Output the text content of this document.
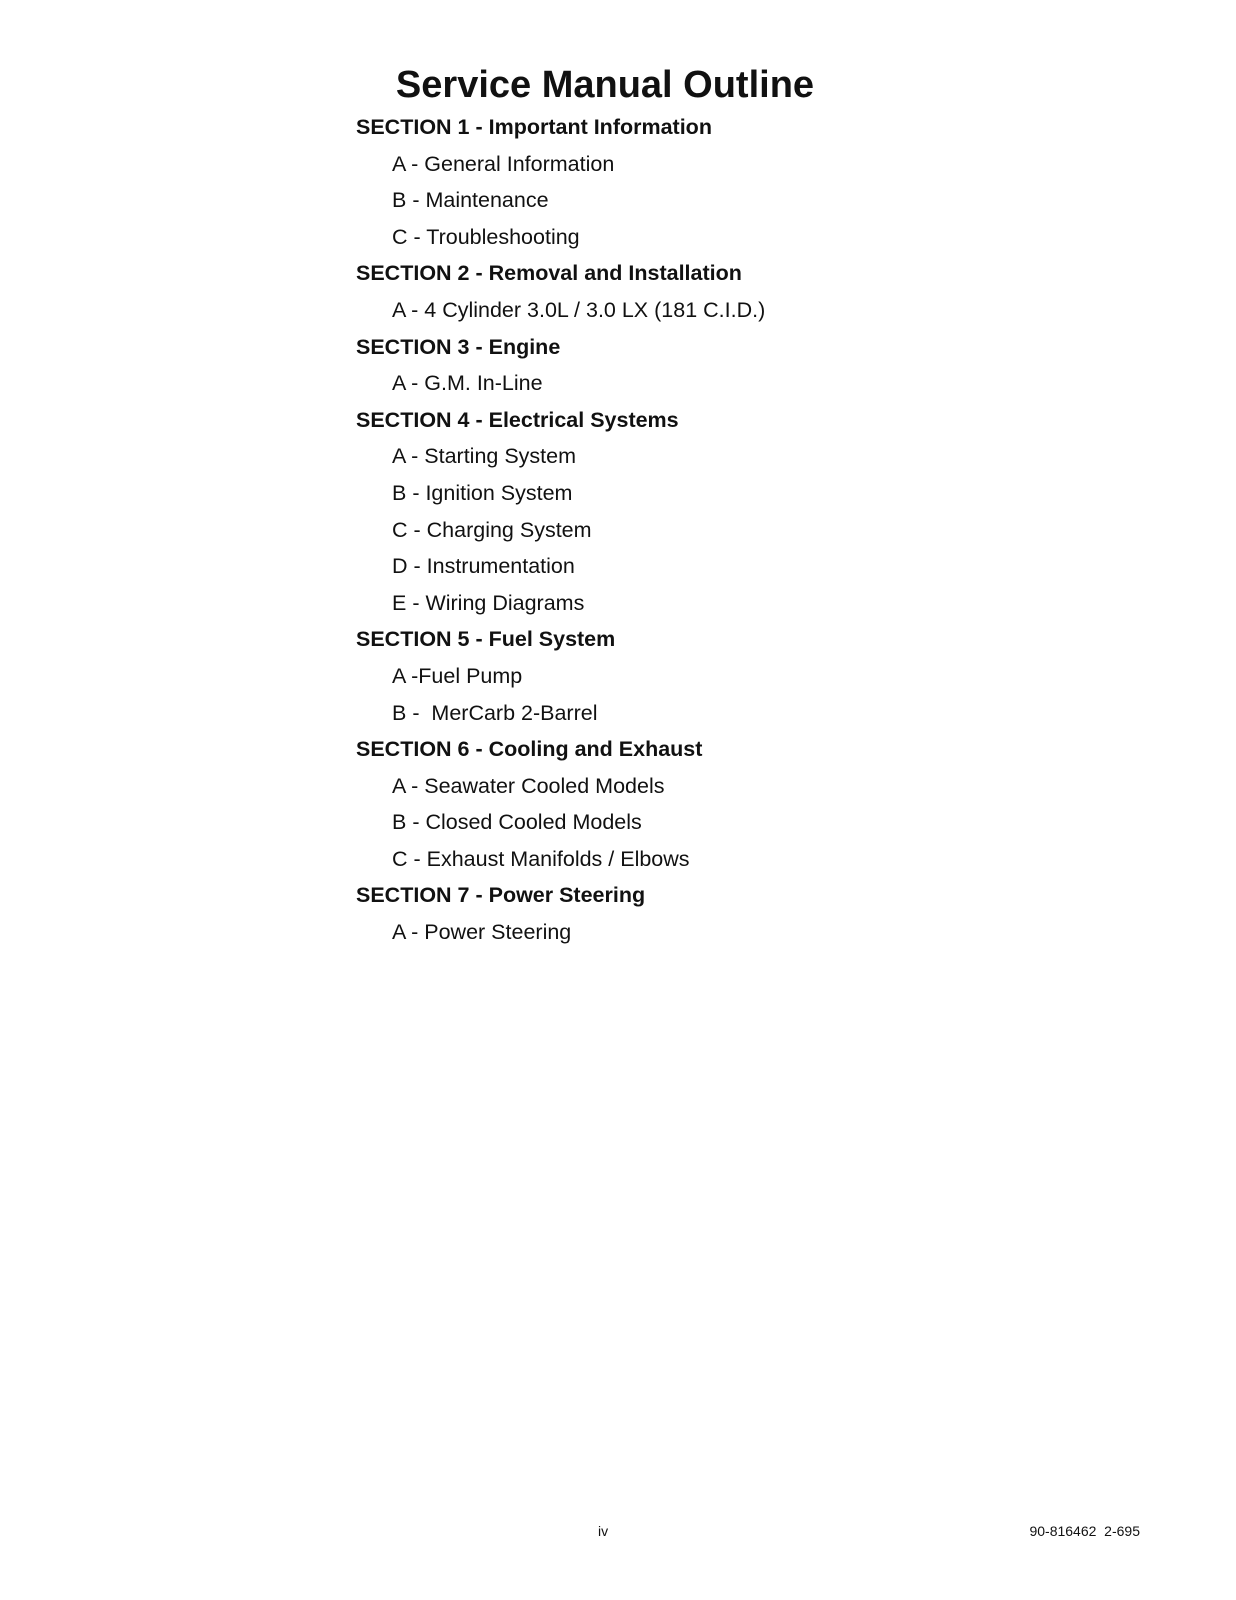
Service Manual Outline
SECTION 1 - Important Information
A - General Information
B - Maintenance
C - Troubleshooting
SECTION 2 - Removal and Installation
A - 4 Cylinder 3.0L / 3.0 LX (181 C.I.D.)
SECTION 3 - Engine
A - G.M. In-Line
SECTION 4 - Electrical Systems
A - Starting System
B - Ignition System
C - Charging System
D - Instrumentation
E - Wiring Diagrams
SECTION 5 - Fuel System
A -Fuel Pump
B -  MerCarb 2-Barrel
SECTION 6 - Cooling and Exhaust
A - Seawater Cooled Models
B - Closed Cooled Models
C - Exhaust Manifolds / Elbows
SECTION 7 - Power Steering
A - Power Steering
iv	90-816462  2-695
